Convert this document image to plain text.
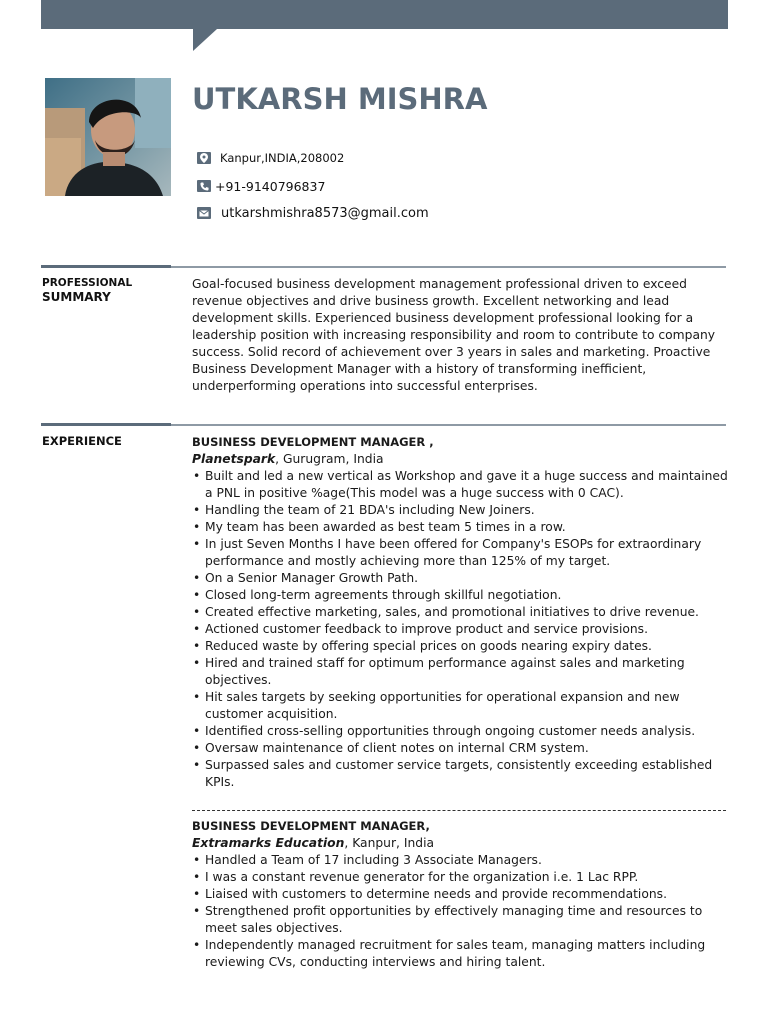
UTKARSH MISHRA
Kanpur,INDIA,208002
+91-9140796837
utkarshmishra8573@gmail.com
PROFESSIONAL
SUMMARY

Goal-focused business development management professional driven to exceed revenue objectives and drive business growth. Excellent networking and lead development skills. Experienced business development professional looking for a leadership position with increasing responsibility and room to contribute to company success. Solid record of achievement over 3 years in sales and marketing. Proactive Business Development Manager with a history of transforming inefficient, underperforming operations into successful enterprises.

EXPERIENCE	BUSINESS DEVELOPMENT MANAGER ,

Planetspark, Gurugram, India

• Built and led a new vertical as Workshop and gave it a huge success and maintained a PNL in positive %age(This model was a huge success with 0 CAC).
• Handling the team of 21 BDA's including New Joiners.
• My team has been awarded as best team 5 times in a row.
• In just Seven Months I have been offered for Company's ESOPs for extraordinary performance and mostly achieving more than 125% of my target.
• On a Senior Manager Growth Path.
• Closed long-term agreements through skillful negotiation.
• Created effective marketing, sales, and promotional initiatives to drive revenue.
• Actioned customer feedback to improve product and service provisions.
• Reduced waste by offering special prices on goods nearing expiry dates.
• Hired and trained staff for optimum performance against sales and marketing objectives.
• Hit sales targets by seeking opportunities for operational expansion and new customer acquisition.
• Identified cross-selling opportunities through ongoing customer needs analysis.
• Oversaw maintenance of client notes on internal CRM system.
• Surpassed sales and customer service targets, consistently exceeding established KPIs.

BUSINESS DEVELOPMENT MANAGER,

Extramarks Education, Kanpur, India

• Handled a Team of 17 including 3 Associate Managers.
• I was a constant revenue generator for the organization i.e. 1 Lac RPP.
• Liaised with customers to determine needs and provide recommendations.
• Strengthened profit opportunities by effectively managing time and resources to meet sales objectives.
• Independently managed recruitment for sales team, managing matters including reviewing CVs, conducting interviews and hiring talent.
